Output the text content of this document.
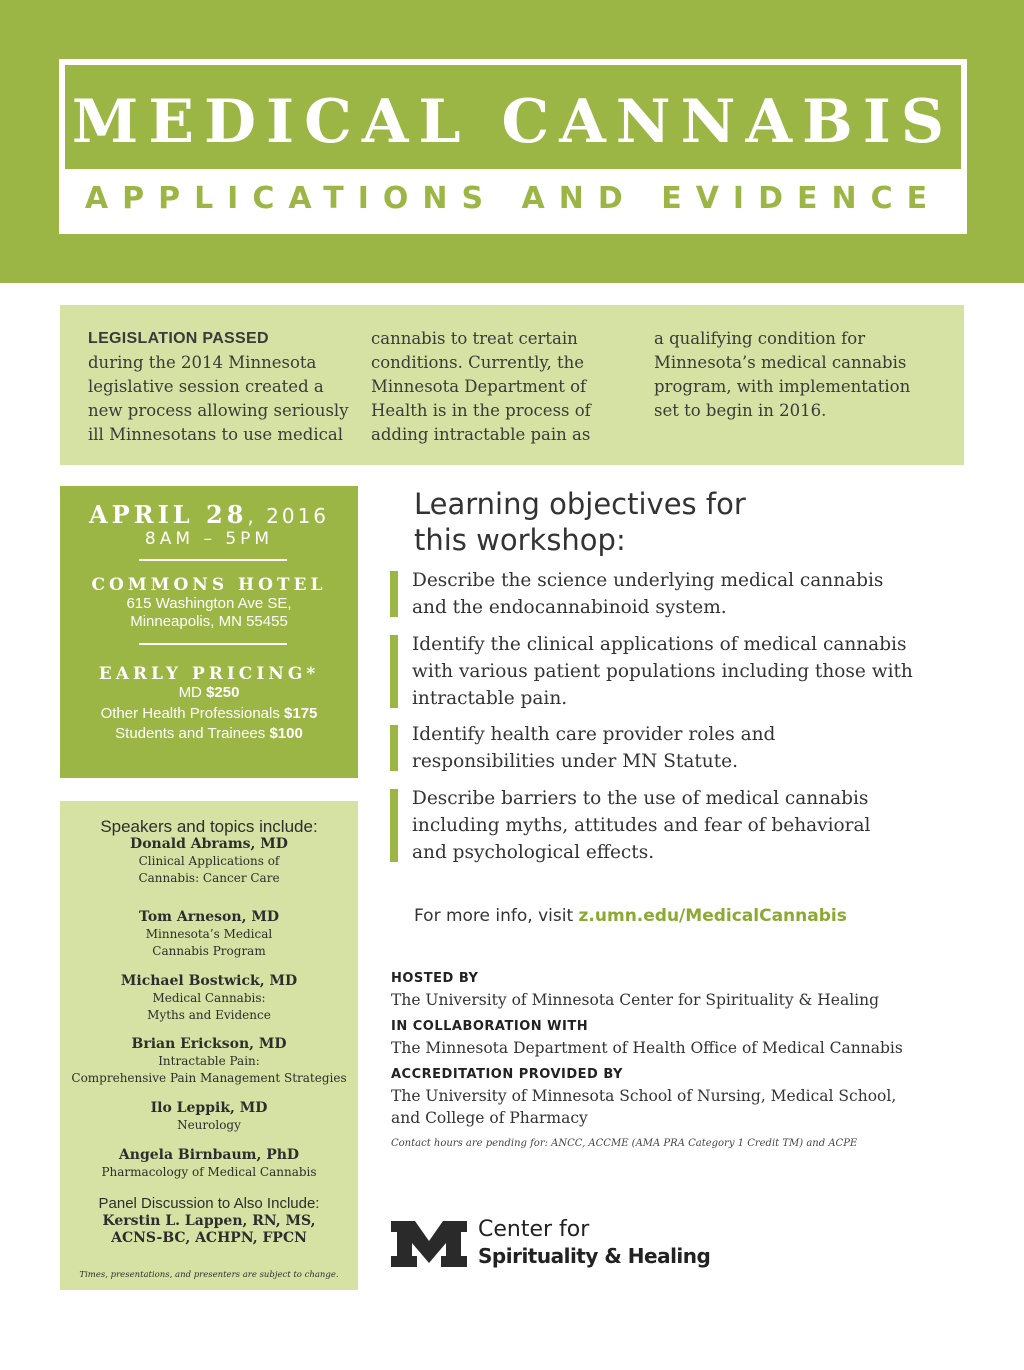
MEDICAL CANNABIS
APPLICATIONS AND EVIDENCE
LEGISLATION PASSED
during the 2014 Minnesota
legislative session created a
new process allowing seriously
ill Minnesotans to use medical
cannabis to treat certain
conditions. Currently, the
Minnesota Department of
Health is in the process of
adding intractable pain as
a qualifying condition for
Minnesota’s medical cannabis
program, with implementation
set to begin in 2016.
APRIL 28, 2016
8AM – 5PM
COMMONS HOTEL
615 Washington Ave SE,
Minneapolis, MN 55455
EARLY PRICING*
MD $250
Other Health Professionals $175
Students and Trainees $100
Speakers and topics include:
Donald Abrams, MD
Clinical Applications of
Cannabis: Cancer Care
Tom Arneson, MD
Minnesota’s Medical
Cannabis Program
Michael Bostwick, MD
Medical Cannabis:
Myths and Evidence
Brian Erickson, MD
Intractable Pain:
Comprehensive Pain Management Strategies
Ilo Leppik, MD
Neurology
Angela Birnbaum, PhD
Pharmacology of Medical Cannabis
Panel Discussion to Also Include:
Kerstin L. Lappen, RN, MS,
ACNS-BC, ACHPN, FPCN
Times, presentations, and presenters are subject to change.
Learning objectives for
this workshop:
Describe the science underlying medical cannabis
and the endocannabinoid system.
Identify the clinical applications of medical cannabis
with various patient populations including those with
intractable pain.
Identify health care provider roles and
responsibilities under MN Statute.
Describe barriers to the use of medical cannabis
including myths, attitudes and fear of behavioral
and psychological effects.
For more info, visit z.umn.edu/MedicalCannabis
HOSTED BY
The University of Minnesota Center for Spirituality & Healing
IN COLLABORATION WITH
The Minnesota Department of Health Office of Medical Cannabis
ACCREDITATION PROVIDED BY
The University of Minnesota School of Nursing, Medical School,
and College of Pharmacy
Contact hours are pending for: ANCC, ACCME (AMA PRA Category 1 Credit TM) and ACPE
Center for
Spirituality & Healing
